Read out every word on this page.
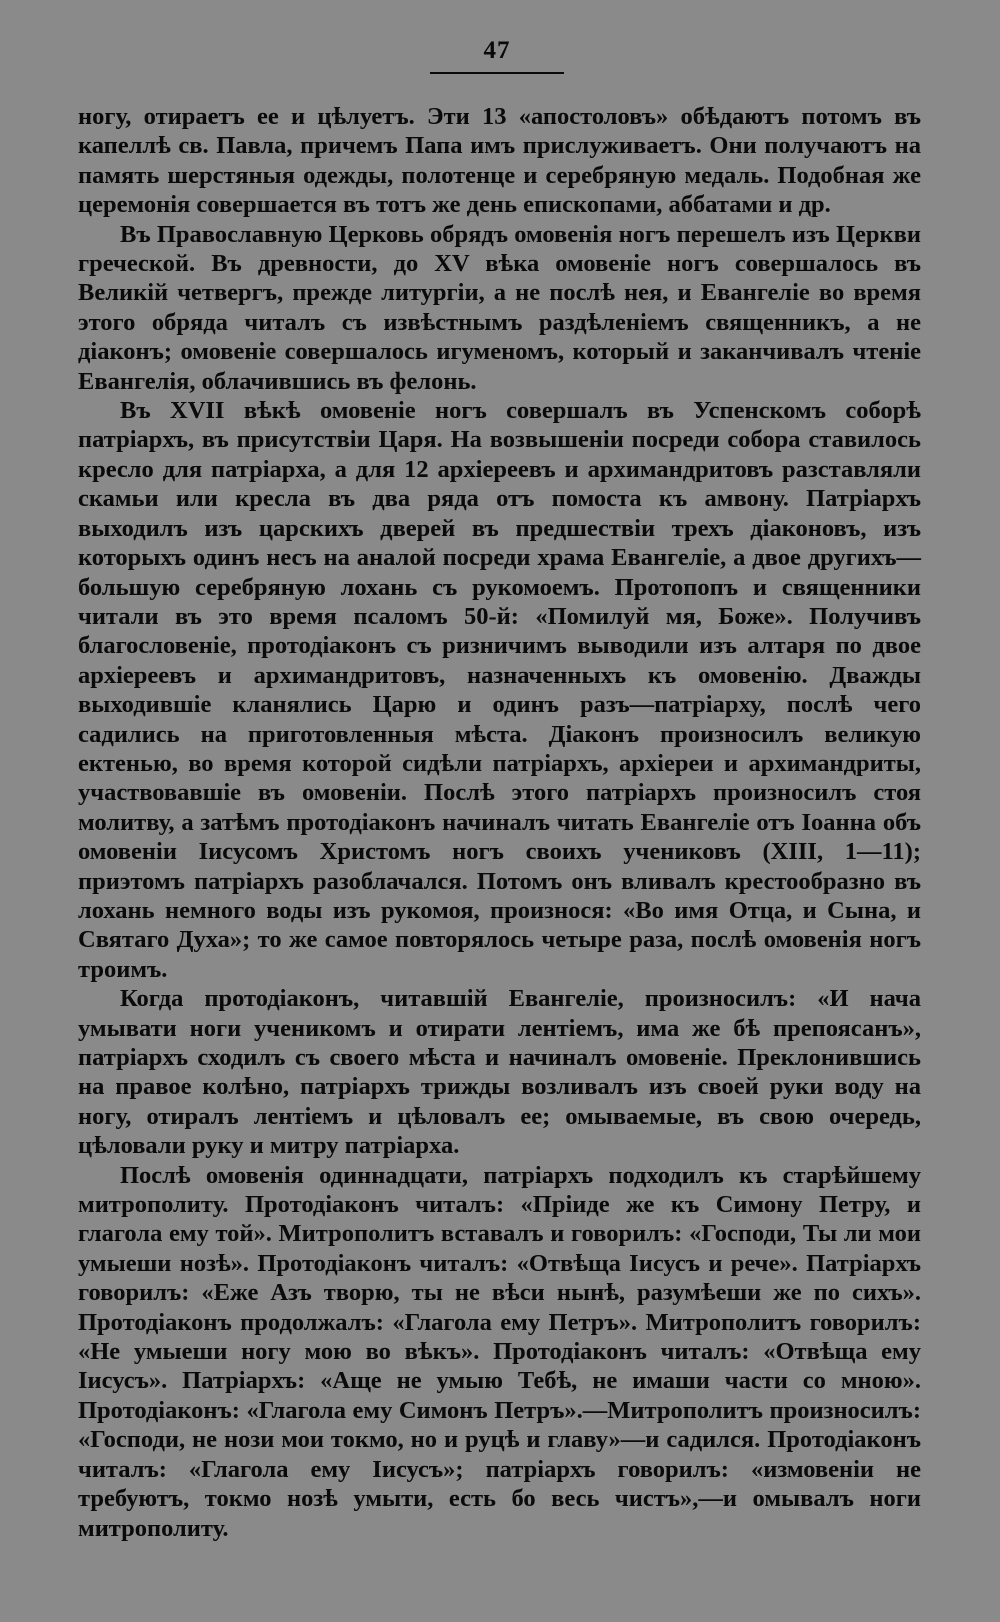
47

ногу, отираетъ ее и цѣлуетъ. Эти 13 «апостоловъ» обѣдаютъ потомъ въ капеллѣ св. Павла, причемъ Папа имъ прислуживаетъ. Они получаютъ на память шерстяныя одежды, полотенце и серебряную медаль. Подобная же церемонія совершается въ тотъ же день епископами, аббатами и др.

Въ Православную Церковь обрядъ омовенія ногъ перешелъ изъ Церкви греческой. Въ древности, до XV вѣка омовеніе ногъ совершалось въ Великій четвергъ, прежде литургіи, а не послѣ нея, и Евангеліе во время этого обряда читалъ съ извѣстнымъ раздѣленіемъ священникъ, а не діаконъ; омовеніе совершалось игуменомъ, который и заканчивалъ чтеніе Евангелія, облачившись въ фелонь.

Въ XVII вѣкѣ омовеніе ногъ совершалъ въ Успенскомъ соборѣ патріархъ, въ присутствіи Царя. На возвышеніи посреди собора ставилось кресло для патріарха, а для 12 архіереевъ и архимандритовъ разставляли скамьи или кресла въ два ряда отъ помоста къ амвону. Патріархъ выходилъ изъ царскихъ дверей въ предшествіи трехъ діаконовъ, изъ которыхъ одинъ несъ на аналой посреди храма Евангеліе, а двое другихъ—большую серебряную лохань съ рукомоемъ. Протопопъ и священники читали въ это время псаломъ 50-й: «Помилуй мя, Боже». Получивъ благословеніе, протодіаконъ съ ризничимъ выводили изъ алтаря по двое архіереевъ и архимандритовъ, назначенныхъ къ омовенію. Дважды выходившіе кланялись Царю и одинъ разъ—патріарху, послѣ чего садились на приготовленныя мѣста. Діаконъ произносилъ великую ектенью, во время которой сидѣли патріархъ, архіереи и архимандриты, участвовавшіе въ омовеніи. Послѣ этого патріархъ произносилъ стоя молитву, а затѣмъ протодіаконъ начиналъ читать Евангеліе отъ Іоанна объ омовеніи Іисусомъ Христомъ ногъ своихъ учениковъ (XIII, 1—11); приэтомъ патріархъ разоблачался. Потомъ онъ вливалъ крестообразно въ лохань немного воды изъ рукомоя, произнося: «Во имя Отца, и Сына, и Святаго Духа»; то же самое повторялось четыре раза, послѣ омовенія ногъ троимъ.

Когда протодіаконъ, читавшій Евангеліе, произносилъ: «И нача умывати ноги ученикомъ и отирати лентіемъ, има же бѣ препоясанъ», патріархъ сходилъ съ своего мѣста и начиналъ омовеніе. Преклонившись на правое колѣно, патріархъ трижды возливалъ изъ своей руки воду на ногу, отиралъ лентіемъ и цѣловалъ ее; омываемые, въ свою очередь, цѣловали руку и митру патріарха.

Послѣ омовенія одиннадцати, патріархъ подходилъ къ старѣйшему митрополиту. Протодіаконъ читалъ: «Пріиде же къ Симону Петру, и глагола ему той». Митрополитъ вставалъ и говорилъ: «Господи, Ты ли мои умыеши нозѣ». Протодіаконъ читалъ: «Отвѣща Іисусъ и рече». Патріархъ говорилъ: «Еже Азъ творю, ты не вѣси нынѣ, разумѣеши же по сихъ». Протодіаконъ продолжалъ: «Глагола ему Петръ». Митрополитъ говорилъ: «Не умыеши ногу мою во вѣкъ». Протодіаконъ читалъ: «Отвѣща ему Іисусъ». Патріархъ: «Аще не умыю Тебѣ, не имаши части со мною». Протодіаконъ: «Глагола ему Симонъ Петръ».—Митрополитъ произносилъ: «Господи, не нози мои токмо, но и руцѣ и главу»—и садился. Протодіаконъ читалъ: «Глагола ему Іисусъ»; патріархъ говорилъ: «измовеніи не требуютъ, токмо нозѣ умыти, есть бо весь чистъ»,—и омывалъ ноги митрополиту.
